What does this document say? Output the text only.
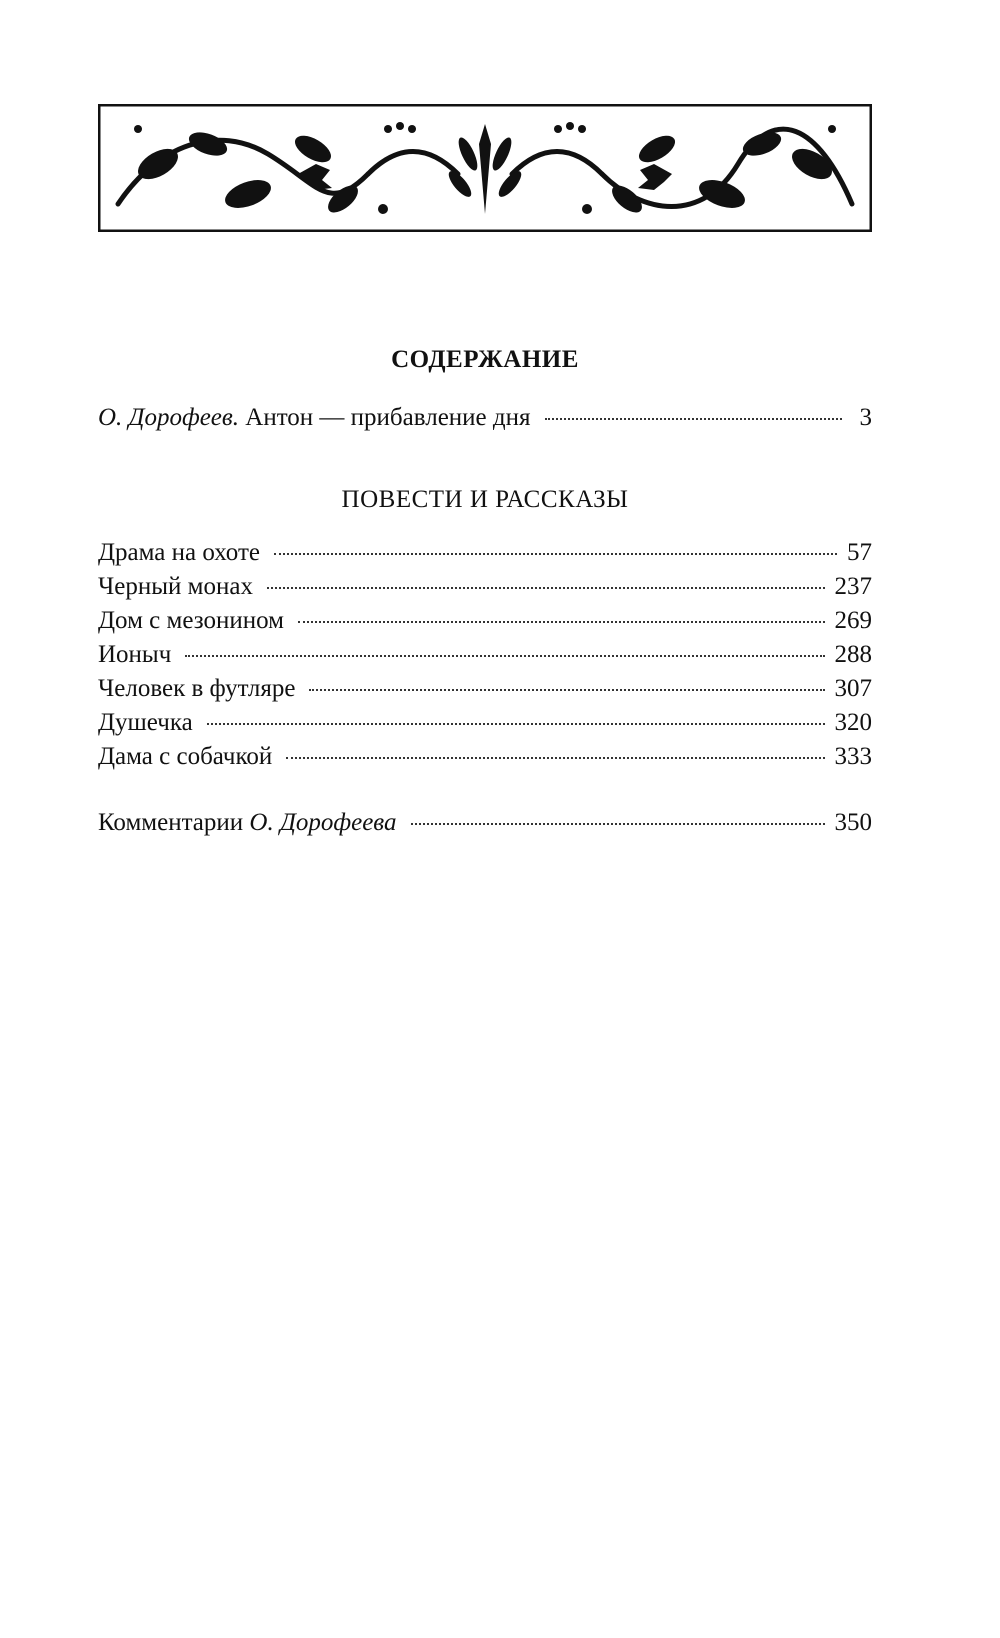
СОДЕРЖАНИЕ
О. Дорофеев. Антон — прибавление дня	3
ПОВЕСТИ И РАССКАЗЫ
Драма на охоте	57
Черный монах	237
Дом с мезонином	269
Ионыч	288
Человек в футляре	307
Душечка	320
Дама с собачкой	333
Комментарии О. Дорофеева	350
